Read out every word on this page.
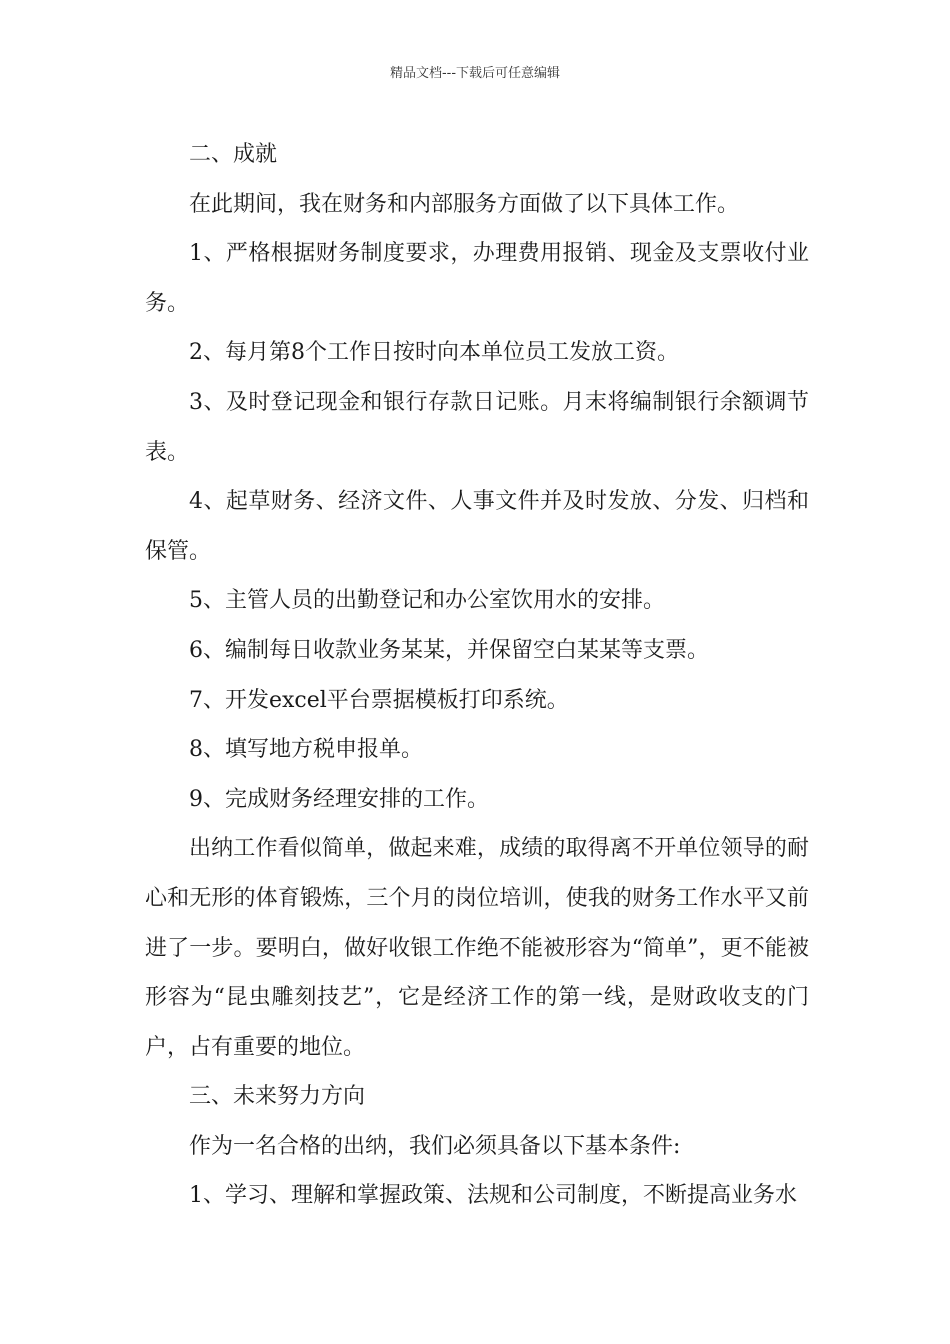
精品文档---下载后可任意编辑

二、成就

在此期间，我在财务和内部服务方面做了以下具体工作。

1、严格根据财务制度要求，办理费用报销、现金及支票收付业务。

2、每月第8个工作日按时向本单位员工发放工资。

3、及时登记现金和银行存款日记账。月末将编制银行余额调节表。

4、起草财务、经济文件、人事文件并及时发放、分发、归档和保管。

5、主管人员的出勤登记和办公室饮用水的安排。

6、编制每日收款业务某某，并保留空白某某等支票。

7、开发excel平台票据模板打印系统。

8、填写地方税申报单。

9、完成财务经理安排的工作。

出纳工作看似简单，做起来难，成绩的取得离不开单位领导的耐心和无形的体育锻炼，三个月的岗位培训，使我的财务工作水平又前进了一步。要明白，做好收银工作绝不能被形容为“简单”，更不能被形容为“昆虫雕刻技艺”，它是经济工作的第一线，是财政收支的门户，占有重要的地位。

三、未来努力方向

作为一名合格的出纳，我们必须具备以下基本条件:

1、学习、理解和掌握政策、法规和公司制度，不断提高业务水
